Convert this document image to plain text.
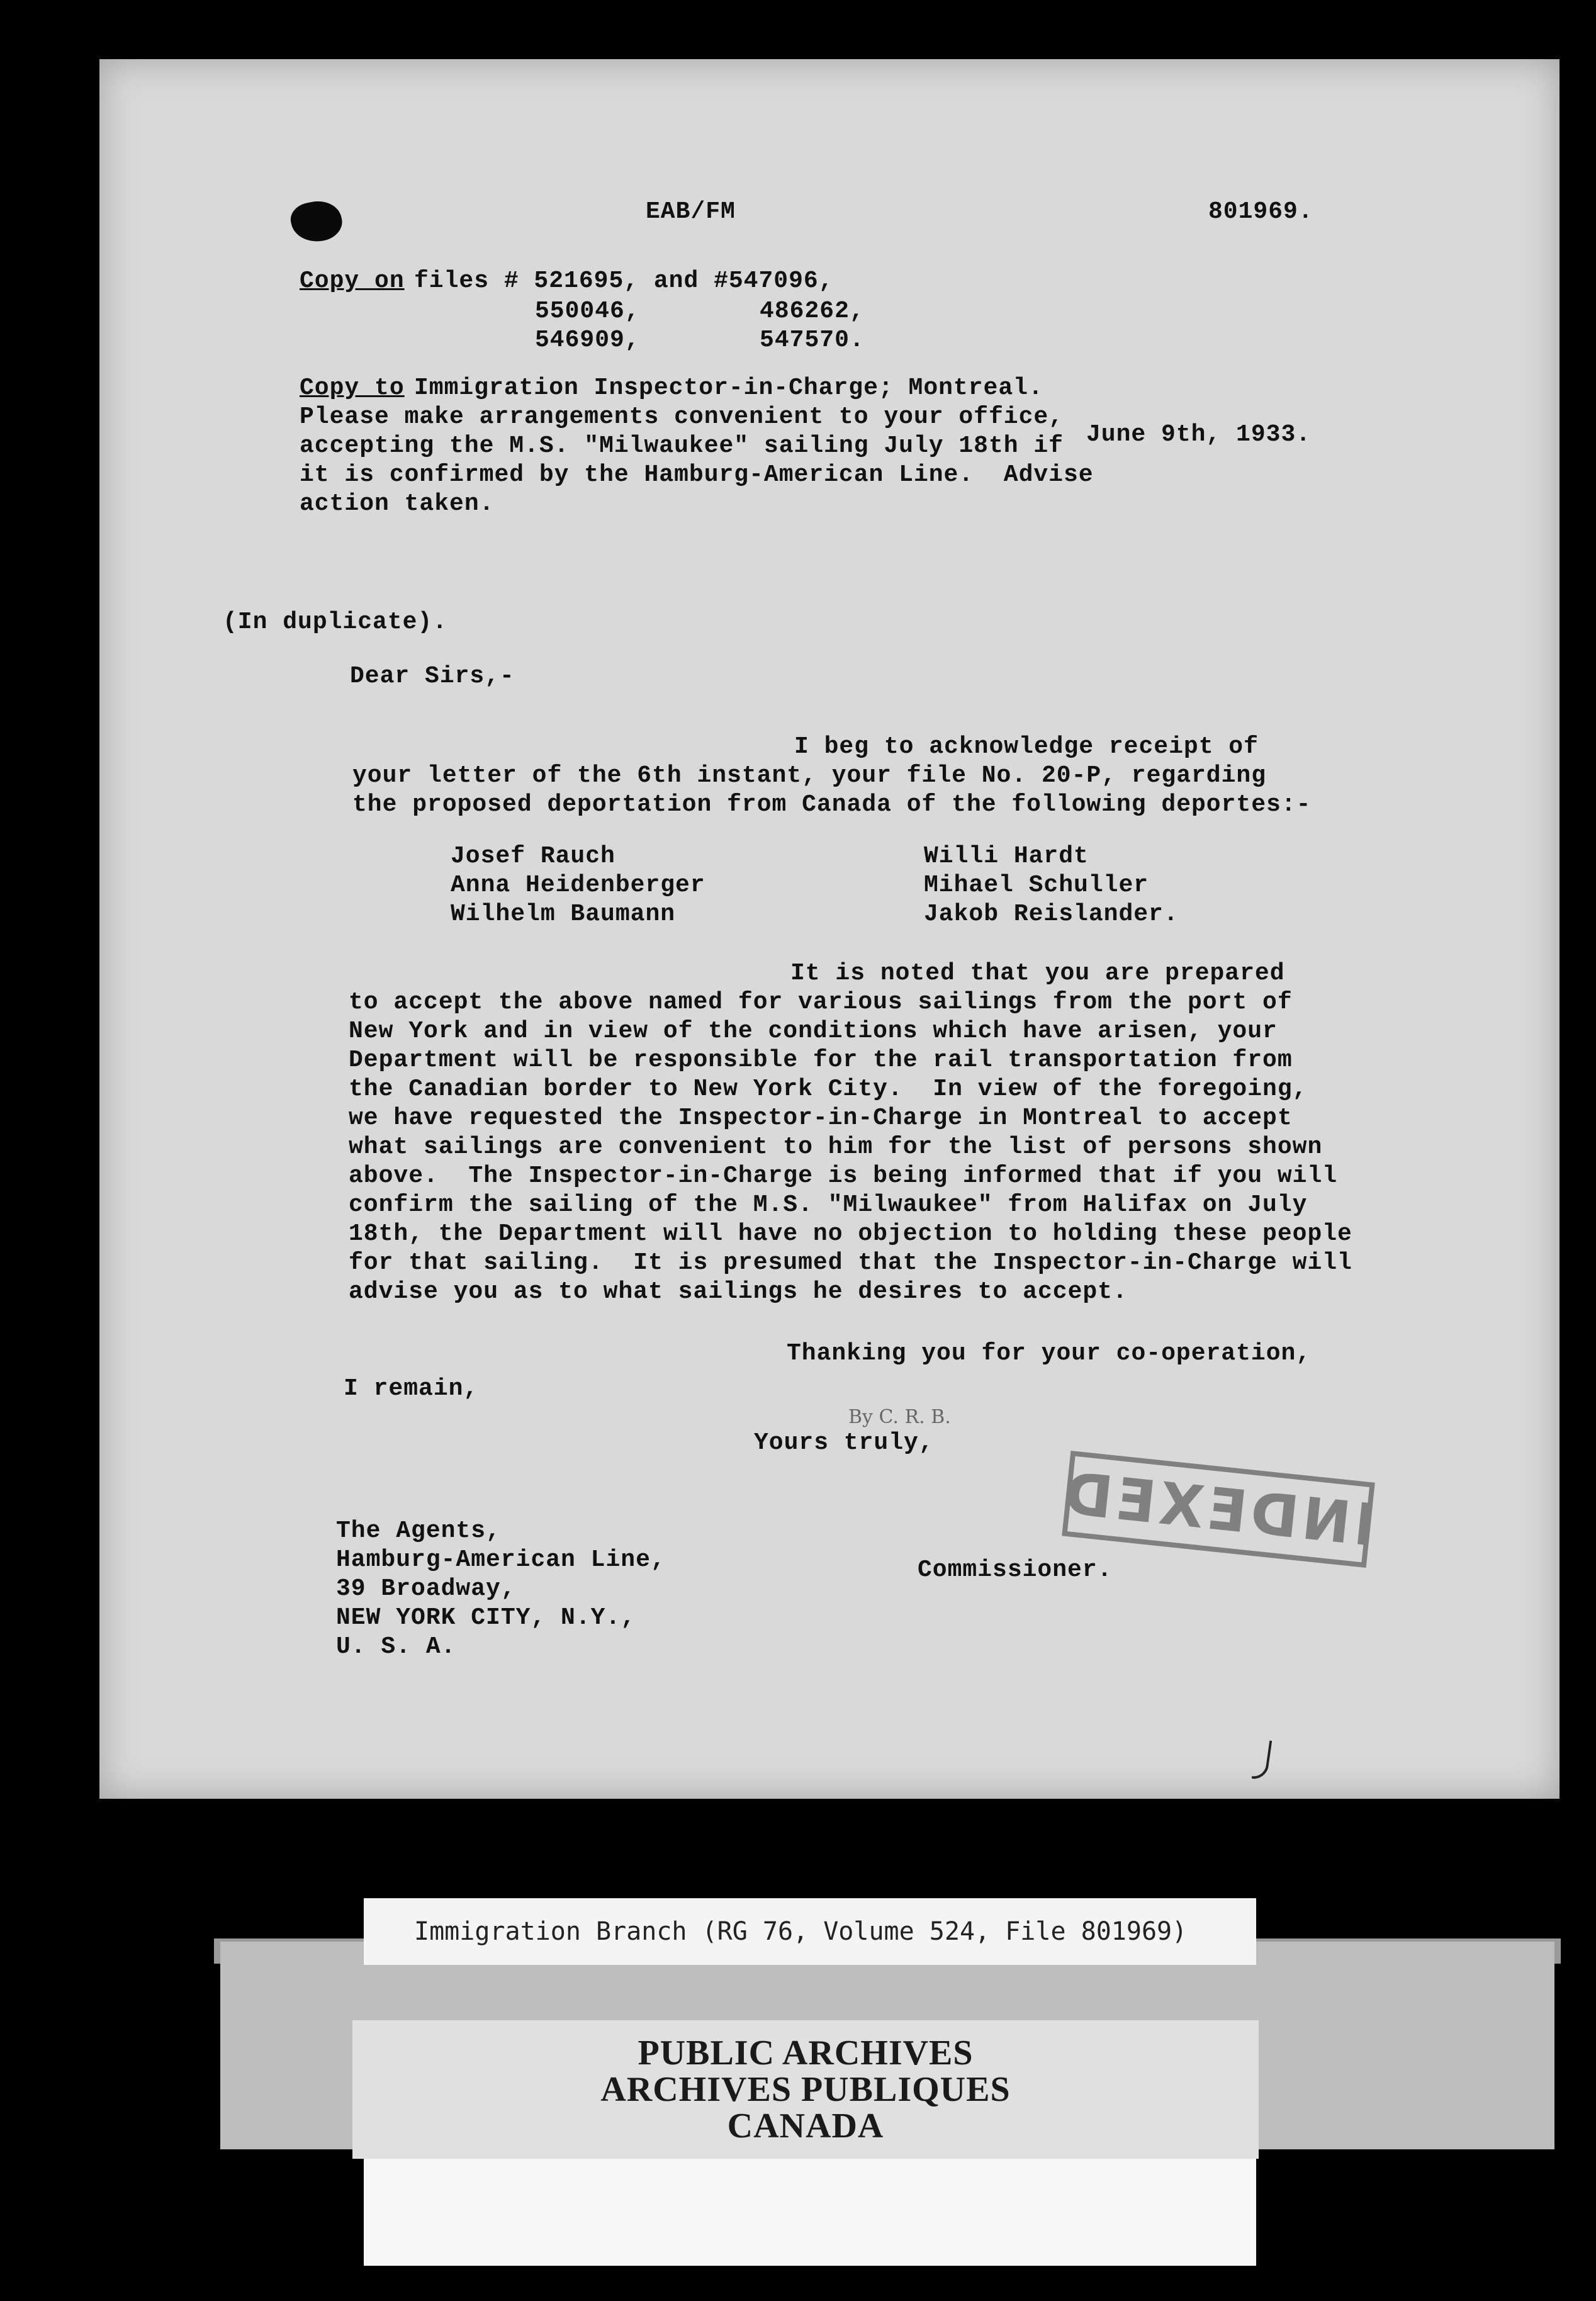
EAB/FM	801969.
Copy on files # 521695, and #547096,
550046,        486262,
546909,        547570.
Copy to Immigration Inspector-in-Charge; Montreal.
Please make arrangements convenient to your office,
accepting the M.S. "Milwaukee" sailing July 18th if
it is confirmed by the Hamburg-American Line.  Advise
action taken.
June 9th, 1933.
(In duplicate).
Dear Sirs,-
I beg to acknowledge receipt of
your letter of the 6th instant, your file No. 20-P, regarding
the proposed deportation from Canada of the following deportes:-
Josef Rauch
Anna Heidenberger
Wilhelm Baumann
Willi Hardt
Mihael Schuller
Jakob Reislander.
It is noted that you are prepared
to accept the above named for various sailings from the port of
New York and in view of the conditions which have arisen, your
Department will be responsible for the rail transportation from
the Canadian border to New York City.  In view of the foregoing,
we have requested the Inspector-in-Charge in Montreal to accept
what sailings are convenient to him for the list of persons shown
above.  The Inspector-in-Charge is being informed that if you will
confirm the sailing of the M.S. "Milwaukee" from Halifax on July
18th, the Department will have no objection to holding these people
for that sailing.  It is presumed that the Inspector-in-Charge will
advise you as to what sailings he desires to accept.
Thanking you for your co-operation,
I remain,
By C. R. B.
Yours truly,
INDEXED
The Agents,
Hamburg-American Line,
39 Broadway,
NEW YORK CITY, N.Y.,
U. S. A.
Commissioner.
Immigration Branch (RG 76, Volume 524, File 801969)
PUBLIC ARCHIVES
ARCHIVES PUBLIQUES
CANADA
